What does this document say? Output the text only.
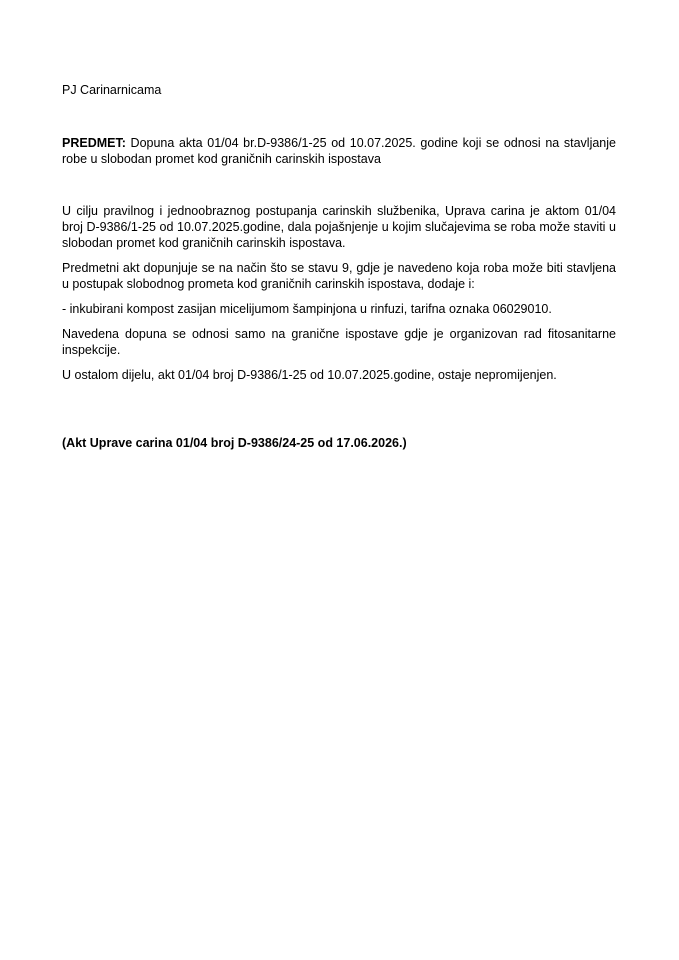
PJ Carinarnicama

PREDMET: Dopuna akta 01/04 br.D-9386/1-25 od 10.07.2025. godine koji se odnosi na stavljanje robe u slobodan promet kod graničnih carinskih ispostava

U cilju pravilnog i jednoobraznog postupanja carinskih službenika, Uprava carina je aktom 01/04 broj D-9386/1-25 od 10.07.2025.godine, dala pojašnjenje u kojim slučajevima se roba može staviti u slobodan promet kod graničnih carinskih ispostava.

Predmetni akt dopunjuje se na način što se stavu 9, gdje je navedeno koja roba može biti stavljena u postupak slobodnog prometa kod graničnih carinskih ispostava, dodaje i:

- inkubirani kompost zasijan micelijumom šampinjona u rinfuzi, tarifna oznaka 06029010.

Navedena dopuna se odnosi samo na granične ispostave gdje je organizovan rad fitosanitarne inspekcije.

U ostalom dijelu, akt 01/04 broj D-9386/1-25 od 10.07.2025.godine, ostaje nepromijenjen.

(Akt Uprave carina 01/04 broj D-9386/24-25 od 17.06.2026.)
